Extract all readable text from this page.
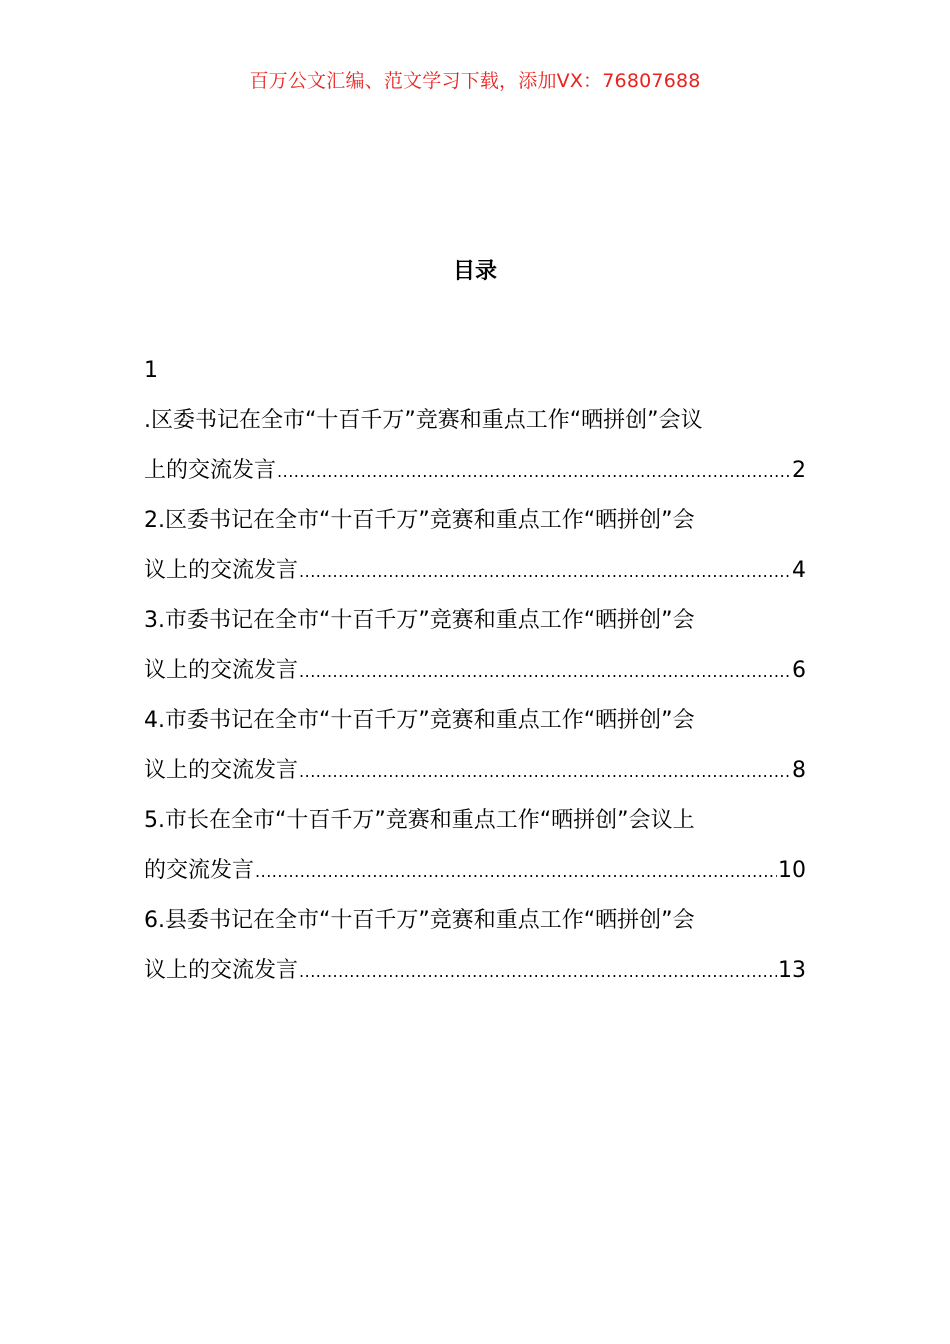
百万公文汇编、范文学习下载，添加VX：76807688
目录
1
.区委书记在全市“十百千万”竞赛和重点工作“晒拼创”会议
上的交流发言 .....	2
2.区委书记在全市“十百千万”竞赛和重点工作“晒拼创”会
议上的交流发言 .....	4
3.市委书记在全市“十百千万”竞赛和重点工作“晒拼创”会
议上的交流发言 .....	6
4.市委书记在全市“十百千万”竞赛和重点工作“晒拼创”会
议上的交流发言 .....	8
5.市长在全市“十百千万”竞赛和重点工作“晒拼创”会议上
的交流发言 .....	10
6.县委书记在全市“十百千万”竞赛和重点工作“晒拼创”会
议上的交流发言 .....	13
